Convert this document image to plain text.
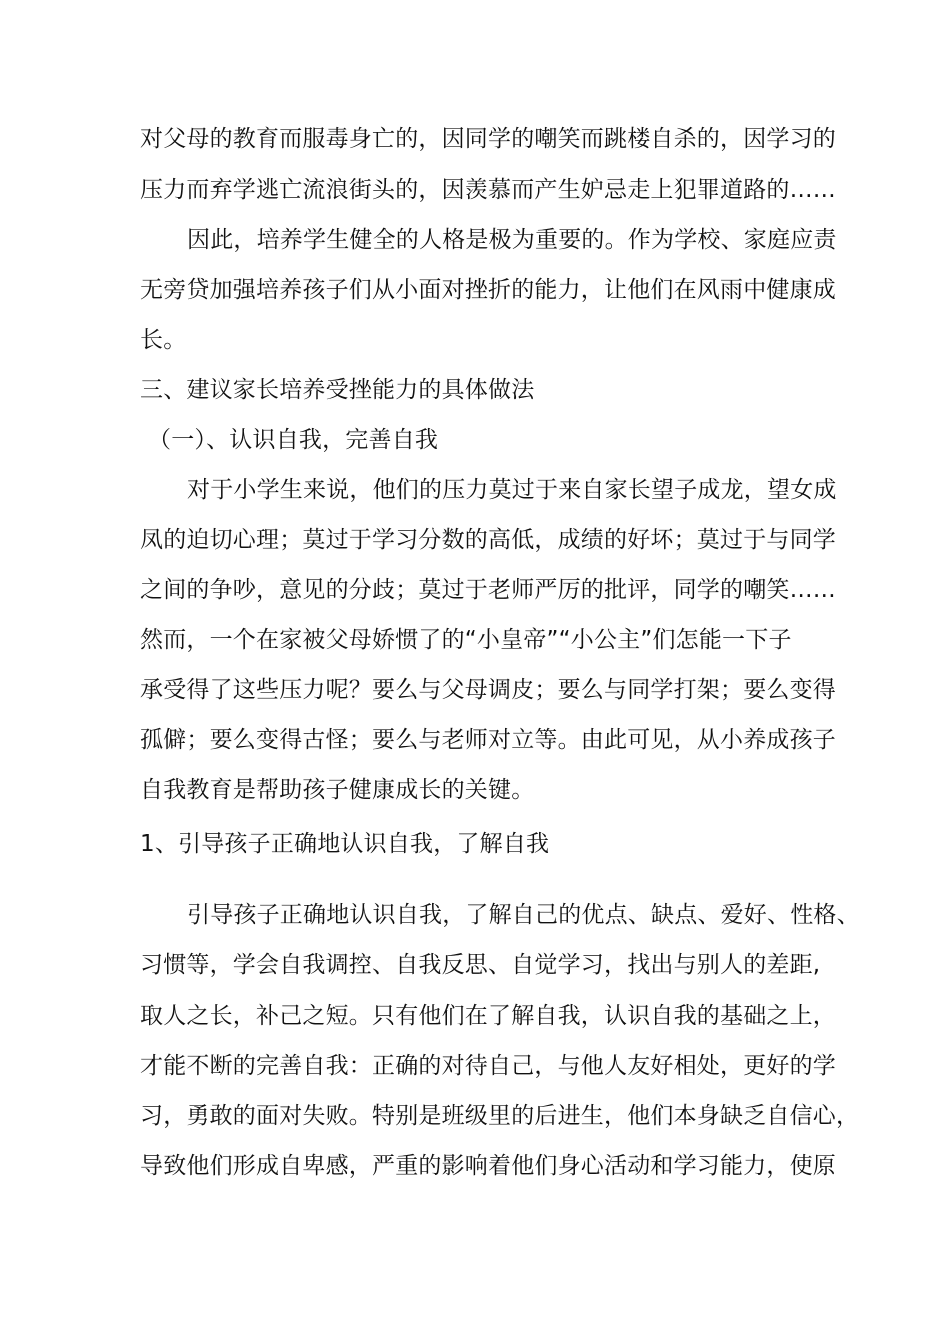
对父母的教育而服毒身亡的，因同学的嘲笑而跳楼自杀的，因学习的
压力而弃学逃亡流浪街头的，因羡慕而产生妒忌走上犯罪道路的……
因此，培养学生健全的人格是极为重要的。作为学校、家庭应责
无旁贷加强培养孩子们从小面对挫折的能力，让他们在风雨中健康成
长。
三、建议家长培养受挫能力的具体做法
（一）、认识自我，完善自我
对于小学生来说，他们的压力莫过于来自家长望子成龙，望女成
凤的迫切心理；莫过于学习分数的高低，成绩的好坏；莫过于与同学
之间的争吵，意见的分歧；莫过于老师严厉的批评，同学的嘲笑……
然而，一个在家被父母娇惯了的“小皇帝”“小公主”们怎能一下子
承受得了这些压力呢？要么与父母调皮；要么与同学打架；要么变得
孤僻；要么变得古怪；要么与老师对立等。由此可见，从小养成孩子
自我教育是帮助孩子健康成长的关键。
1、引导孩子正确地认识自我，了解自我
引导孩子正确地认识自我，了解自己的优点、缺点、爱好、性格、
习惯等，学会自我调控、自我反思、自觉学习，找出与别人的差距,
取人之长，补己之短。只有他们在了解自我，认识自我的基础之上，
才能不断的完善自我：正确的对待自己，与他人友好相处，更好的学
习，勇敢的面对失败。特别是班级里的后进生，他们本身缺乏自信心，
导致他们形成自卑感，严重的影响着他们身心活动和学习能力，使原
